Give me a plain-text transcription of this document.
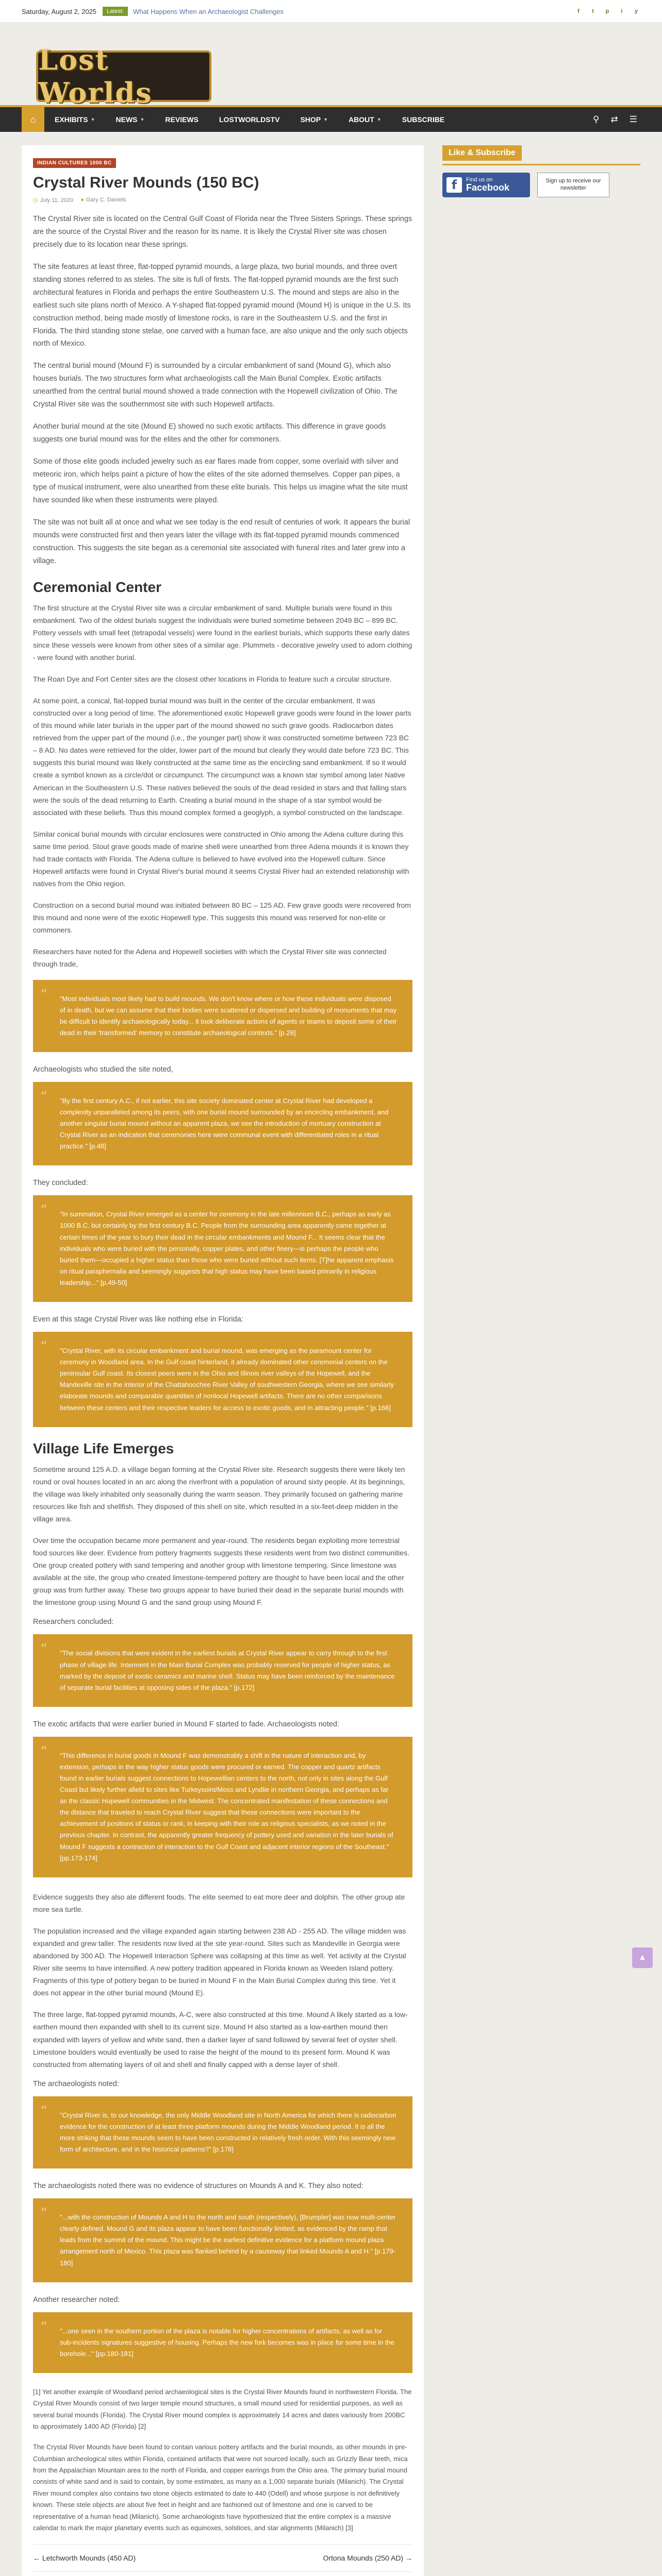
Saturday, August 2, 2025	Latest:	What Happens When an Archaeologist Challenges	f	t	p	i	y
Lost Worlds
⌂	EXHIBITS ▼	NEWS ▼	REVIEWS	LOSTWORLDSTV	SHOP ▼	ABOUT ▼	SUBSCRIBE	⚲ ⇄ ☰
INDIAN CULTURES 1000 BC
Crystal River Mounds (150 BC)
◷ July 11, 2020 ● Gary C. Daniels

The Crystal River site is located on the Central Gulf Coast of Florida near the Three Sisters Springs. These springs are the source of the Crystal River and the reason for its name. It is likely the Crystal River site was chosen precisely due to its location near these springs.

The site features at least three, flat-topped pyramid mounds, a large plaza, two burial mounds, and three overt standing stones referred to as steles. The site is full of firsts. The flat-topped pyramid mounds are the first such architectural features in Florida and perhaps the entire Southeastern U.S. The mound and steps are also in the earliest such site plans north of Mexico. A Y-shaped flat-topped pyramid mound (Mound H) is unique in the U.S. Its construction method, being made mostly of limestone rocks, is rare in the Southeastern U.S. and the first in Florida. The third standing stone stelae, one carved with a human face, are also unique and the only such objects north of Mexico.

The central burial mound (Mound F) is surrounded by a circular embankment of sand (Mound G), which also houses burials. The two structures form what archaeologists call the Main Burial Complex. Exotic artifacts unearthed from the central burial mound showed a trade connection with the Hopewell civilization of Ohio. The Crystal River site was the southernmost site with such Hopewell artifacts.

Another burial mound at the site (Mound E) showed no such exotic artifacts. This difference in grave goods suggests one burial mound was for the elites and the other for commoners.

Some of those elite goods included jewelry such as ear flares made from copper, some overlaid with silver and meteoric iron, which helps paint a picture of how the elites of the site adorned themselves. Copper pan pipes, a type of musical instrument, were also unearthed from these elite burials. This helps us imagine what the site must have sounded like when these instruments were played.

The site was not built all at once and what we see today is the end result of centuries of work. It appears the burial mounds were constructed first and then years later the village with its flat-topped pyramid mounds commenced construction. This suggests the site began as a ceremonial site associated with funeral rites and later grew into a village.

Ceremonial Center

The first structure at the Crystal River site was a circular embankment of sand. Multiple burials were found in this embankment. Two of the oldest burials suggest the individuals were buried sometime between 2049 BC – 899 BC. Pottery vessels with small feet (tetrapodal vessels) were found in the earliest burials, which supports these early dates since these vessels were known from other sites of a similar age. Plummets - decorative jewelry used to adorn clothing - were found with another burial.

The Roan Dye and Fort Center sites are the closest other locations in Florida to feature such a circular structure.

At some point, a conical, flat-topped burial mound was built in the center of the circular embankment. It was constructed over a long period of time. The aforementioned exotic Hopewell grave goods were found in the lower parts of this mound while later burials in the upper part of the mound showed no such grave goods. Radiocarbon dates retrieved from the upper part of the mound (i.e., the younger part) show it was constructed sometime between 723 BC – 8 AD. No dates were retrieved for the older, lower part of the mound but clearly they would date before 723 BC. This suggests this burial mound was likely constructed at the same time as the encircling sand embankment. If so it would create a symbol known as a circle/dot or circumpunct. The circumpunct was a known star symbol among later Native American in the Southeastern U.S. These natives believed the souls of the dead resided in stars and that falling stars were the souls of the dead returning to Earth. Creating a burial mound in the shape of a star symbol would be associated with these beliefs. Thus this mound complex formed a geoglyph, a symbol constructed on the landscape.

Similar conical burial mounds with circular enclosures were constructed in Ohio among the Adena culture during this same time period. Stout grave goods made of marine shell were unearthed from three Adena mounds it is known they had trade contacts with Florida. The Adena culture is believed to have evolved into the Hopewell culture. Since Hopewell artifacts were found in Crystal River's burial mound it seems Crystal River had an extended relationship with natives from the Ohio region.

Construction on a second burial mound was initiated between 80 BC – 125 AD. Few grave goods were recovered from this mound and none were of the exotic Hopewell type. This suggests this mound was reserved for non-elite or commoners.

Researchers have noted for the Adena and Hopewell societies with which the Crystal River site was connected through trade,

“ "Most individuals most likely had to build mounds. We don't know where or how these individuals were disposed of in death, but we can assume that their bodies were scattered or dispersed and building of monuments that may be difficult to identify archaeologically today... it took deliberate actions of agents or teams to deposit some of their dead in their 'transformed' memory to constitute archaeological contexts." [p.26]

Archaeologists who studied the site noted,
“ "By the first century A.C., if not earlier, this site society dominated center at Crystal River had developed a complexity unparalleled among its peers, with one burial mound surrounded by an encircling embankment, and another singular burial mound without an apparent plaza, we see the introduction of mortuary construction at Crystal River as an indication that ceremonies here were communal event with differentiated roles in a ritual practice." [p.48]

They concluded:
“ "In summation, Crystal River emerged as a center for ceremony in the late millennium B.C., perhaps as early as 1000 B.C. but certainly by the first century B.C. People from the surrounding area apparently came together at certain times of the year to bury their dead in the circular embankments and Mound F... It seems clear that the individuals who were buried with the personally, copper plates, and other finery—is perhaps the people who buried them—occupied a higher status than those who were buried without such items. [T]he apparent emphasis on ritual paraphernalia and seemingly suggests that high status may have been based primarily in religious leadership..." [p.49-50]

Even at this stage Crystal River was like nothing else in Florida:
“ "Crystal River, with its circular embankment and burial mound, was emerging as the paramount center for ceremony in Woodland area. In the Gulf coast hinterland, it already dominated other ceremonial centers on the peninsular Gulf coast. Its closest peers were in the Ohio and Illinois river valleys of the Hopewell, and the Mandeville site in the interior of the Chattahoochee River Valley of southwestern Georgia, where we see similarly elaborate mounds and comparable quantities of nonlocal Hopewell artifacts. There are no other comparisons between these centers and their respective leaders for access to exotic goods, and in attracting people." [p.166]

Village Life Emerges

Sometime around 125 A.D. a village began forming at the Crystal River site. Research suggests there were likely ten round or oval houses located in an arc along the riverfront with a population of around sixty people. At its beginnings, the village was likely inhabited only seasonally during the warm season. They primarily focused on gathering marine resources like fish and shellfish. They disposed of this shell on site, which resulted in a six-feet-deep midden in the village area.

Over time the occupation became more permanent and year-round. The residents began exploiting more terrestrial food sources like deer. Evidence from pottery fragments suggests these residents went from two distinct communities. One group created pottery with sand tempering and another group with limestone tempering. Since limestone was available at the site, the group who created limestone-tempered pottery are thought to have been local and the other group was from further away. These two groups appear to have buried their dead in the separate burial mounds with the limestone group using Mound G and the sand group using Mound F.

Researchers concluded:
“ "The social divisions that were evident in the earliest burials at Crystal River appear to carry through to the first phase of village life. Interment in the Main Burial Complex was probably reserved for people of higher status, as marked by the deposit of exotic ceramics and marine shell. Status may have been reinforced by the maintenance of separate burial facilities at opposing sides of the plaza." [p.172]

The exotic artifacts that were earlier buried in Mound F started to fade. Archaeologists noted:
“ "This difference in burial goods in Mound F was demonstrably a shift in the nature of interaction and, by extension, perhaps in the way higher status goods were procured or earned. The copper and quartz artifacts found in earlier burials suggest connections to Hopewellian centers to the north, not only in sites along the Gulf Coast but likely further afield to sites like Turkeysoint/Moss and Lyndlie in northern Georgia, and perhaps as far as the classic Hopewell communities in the Midwest. The concentrated manifestation of these connections and the distance that traveled to reach Crystal River suggest that these connections were important to the achievement of positions of status or rank, in keeping with their role as religious specialists, as we noted in the previous chapter. In contrast, the apparently greater frequency of pottery used and variation in the later burials of Mound F suggests a contraction of interaction to the Gulf Coast and adjacent interior regions of the Southeast." [pp.173-174]

Evidence suggests they also ate different foods. The elite seemed to eat more deer and dolphin. The other group ate more sea turtle.

The population increased and the village expanded again starting between 238 AD - 255 AD. The village midden was expanded and grew taller. The residents now lived at the site year-round. Sites such as Mandeville in Georgia were abandoned by 300 AD. The Hopewell Interaction Sphere was collapsing at this time as well. Yet activity at the Crystal River site seems to have intensified. A new pottery tradition appeared in Florida known as Weeden Island pottery. Fragments of this type of pottery began to be buried in Mound F in the Main Burial Complex during this time. Yet it does not appear in the other burial mound (Mound E).

The three large, flat-topped pyramid mounds, A-C, were also constructed at this time. Mound A likely started as a low-earthen mound then expanded with shell to its current size. Mound H also started as a low-earthen mound then expanded with layers of yellow and white sand, then a darker layer of sand followed by several feet of oyster shell. Limestone boulders would eventually be used to raise the height of the mound to its present form. Mound K was constructed from alternating layers of oil and shell and finally capped with a dense layer of shell.

The archaeologists noted:
“ "Crystal River is, to our knowledge, the only Middle Woodland site in North America for which there is radiocarbon evidence for the construction of at least three platform mounds during the Middle Woodland period. It is all the more striking that these mounds seem to have been constructed in relatively fresh order. With this seemingly new form of architecture, and in the historical patterns?" [p.178]

The archaeologists noted there was no evidence of structures on Mounds A and K. They also noted:
“ "...with the construction of Mounds A and H to the north and south (respectively), [Brumpler] was now multi-center clearly defined. Mound G and its plaza appear to have been functionally limited, as evidenced by the ramp that leads from the summit of the mound. This might be the earliest definitive evidence for a platform mound plaza arrangement north of Mexico. This plaza was flanked behind by a causeway that linked Mounds A and H." [p.179-180]

Another researcher noted:
“ "...one seen in the southern portion of the plaza is notable for higher concentrations of artifacts, as well as for sub-incidents signatures suggestive of housing. Perhaps the new fork becomes was in place for some time in the borehole..." [pp.180-181]

[1] Yet another example of Woodland period archaeological sites is the Crystal River Mounds found in northwestern Florida. The Crystal River Mounds consist of two larger temple mound structures, a small mound used for residential purposes, as well as several burial mounds (Florida). The Crystal River mound complex is approximately 14 acres and dates variously from 200BC to approximately 1400 AD (Florida) [2]

The Crystal River Mounds have been found to contain various pottery artifacts and the burial mounds, as other mounds in pre-Columbian archeological sites within Florida, contained artifacts that were not sourced locally, such as Grizzly Bear teeth, mica from the Appalachian Mountain area to the north of Florida, and copper earrings from the Ohio area. The primary burial mound consists of white sand and is said to contain, by some estimates, as many as a 1,000 separate burials (Milanich). The Crystal River mound complex also contains two stone objects estimated to date to 440 (Odell) and whose purpose is not definitively known. These stele objects are about five feet in height and are fashioned out of limestone and one is carved to be representative of a human head (Milanich). Some archaeologists have hypothesized that the entire complex is a massive calendar to mark the major planetary events such as equinoxes, solstices, and star alignments (Milanich) [3]

← Letchworth Mounds (450 AD)	Ortona Mounds (250 AD) →

Like & Subscribe
f	Find us on
Facebook
Sign up to receive our newsletter
▲
